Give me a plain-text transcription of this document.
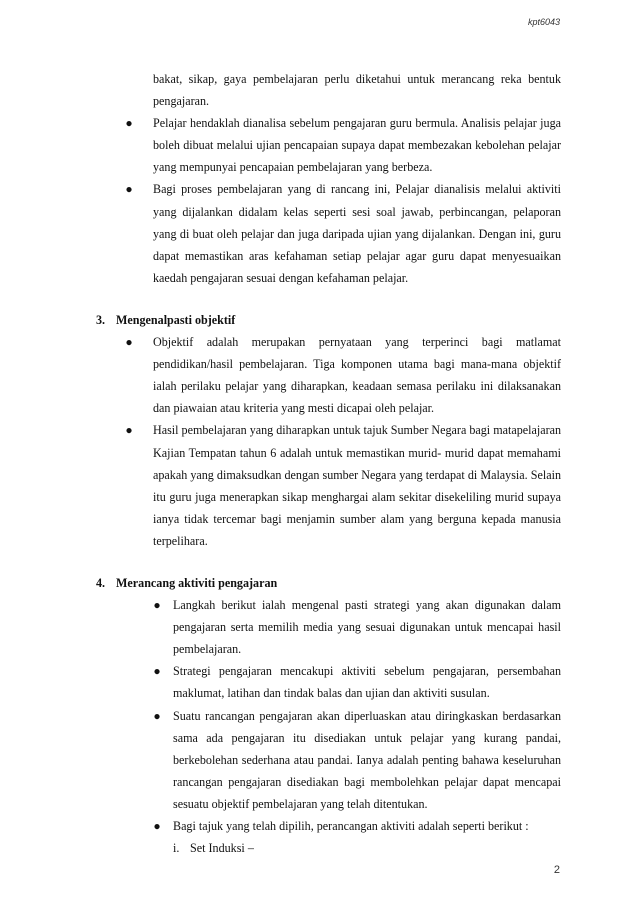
kpt6043

bakat, sikap, gaya pembelajaran perlu diketahui untuk merancang reka bentuk pengajaran.

● Pelajar hendaklah dianalisa sebelum pengajaran guru bermula. Analisis pelajar juga boleh dibuat melalui ujian pencapaian supaya dapat membezakan kebolehan pelajar yang mempunyai pencapaian pembelajaran yang berbeza.

● Bagi proses pembelajaran yang di rancang ini, Pelajar dianalisis melalui aktiviti yang dijalankan didalam kelas seperti sesi soal jawab, perbincangan, pelaporan yang di buat oleh pelajar dan juga daripada ujian yang dijalankan. Dengan ini, guru dapat memastikan aras kefahaman setiap pelajar agar guru dapat menyesuaikan kaedah pengajaran sesuai dengan kefahaman pelajar.

3. Mengenalpasti objektif
● Objektif adalah merupakan pernyataan yang terperinci bagi matlamat pendidikan/hasil pembelajaran. Tiga komponen utama bagi mana-mana objektif ialah perilaku pelajar yang diharapkan, keadaan semasa perilaku ini dilaksanakan dan piawaian atau kriteria yang mesti dicapai oleh pelajar.

● Hasil pembelajaran yang diharapkan untuk tajuk Sumber Negara bagi matapelajaran Kajian Tempatan tahun 6 adalah untuk memastikan murid- murid dapat memahami apakah yang dimaksudkan dengan sumber Negara yang terdapat di Malaysia. Selain itu guru juga menerapkan sikap menghargai alam sekitar disekeliling murid supaya ianya tidak tercemar bagi menjamin sumber alam yang berguna kepada manusia terpelihara.

4. Merancang aktiviti pengajaran
● Langkah berikut ialah mengenal pasti strategi yang akan digunakan dalam pengajaran serta memilih media yang sesuai digunakan untuk mencapai hasil pembelajaran.

● Strategi pengajaran mencakupi aktiviti sebelum pengajaran, persembahan maklumat, latihan dan tindak balas dan ujian dan aktiviti susulan.

● Suatu rancangan pengajaran akan diperluaskan atau diringkaskan berdasarkan sama ada pengajaran itu disediakan untuk pelajar yang kurang pandai, berkebolehan sederhana atau pandai. Ianya adalah penting bahawa keseluruhan rancangan pengajaran disediakan bagi membolehkan pelajar dapat mencapai sesuatu objektif pembelajaran yang telah ditentukan.

● Bagi tajuk yang telah dipilih, perancangan aktiviti adalah seperti berikut :

i. Set Induksi –
2
